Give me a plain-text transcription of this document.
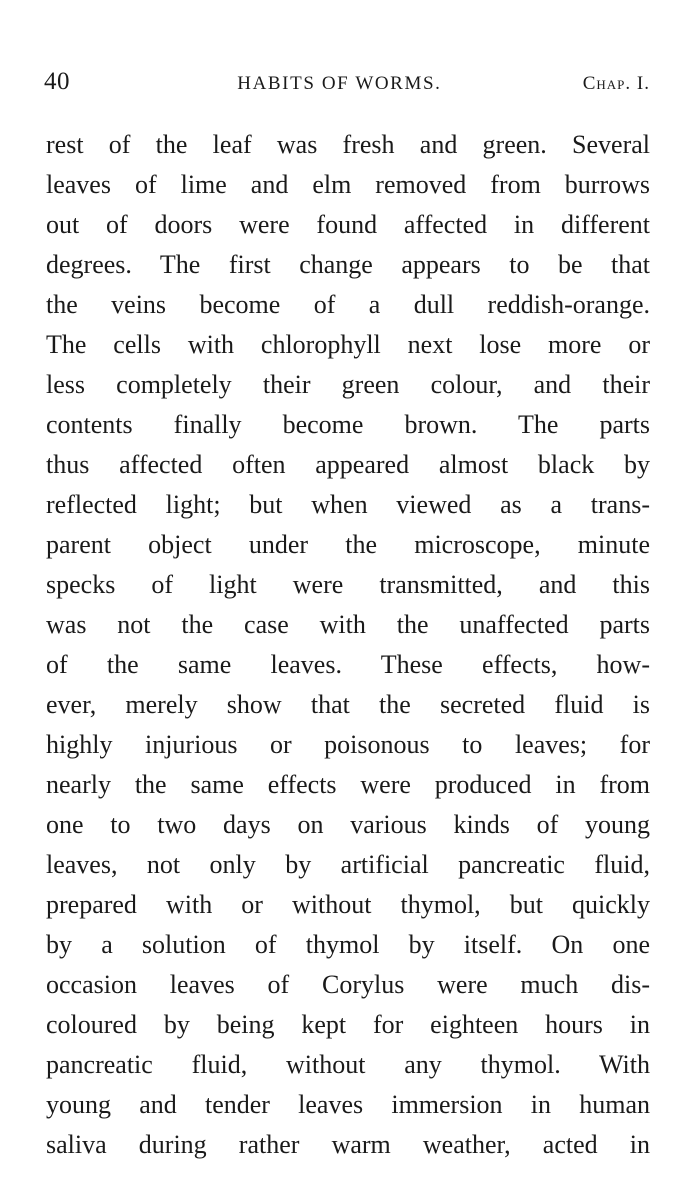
40	HABITS OF WORMS.	Chap. I.
rest of the leaf was fresh and green. Several
leaves of lime and elm removed from burrows
out of doors were found affected in different
degrees. The first change appears to be that
the veins become of a dull reddish-orange.
The cells with chlorophyll next lose more or
less completely their green colour, and their
contents finally become brown. The parts
thus affected often appeared almost black by
reflected light; but when viewed as a trans-
parent object under the microscope, minute
specks of light were transmitted, and this
was not the case with the unaffected parts
of the same leaves. These effects, how-
ever, merely show that the secreted fluid is
highly injurious or poisonous to leaves; for
nearly the same effects were produced in from
one to two days on various kinds of young
leaves, not only by artificial pancreatic fluid,
prepared with or without thymol, but quickly
by a solution of thymol by itself. On one
occasion leaves of Corylus were much dis-
coloured by being kept for eighteen hours in
pancreatic fluid, without any thymol. With
young and tender leaves immersion in human
saliva during rather warm weather, acted in
